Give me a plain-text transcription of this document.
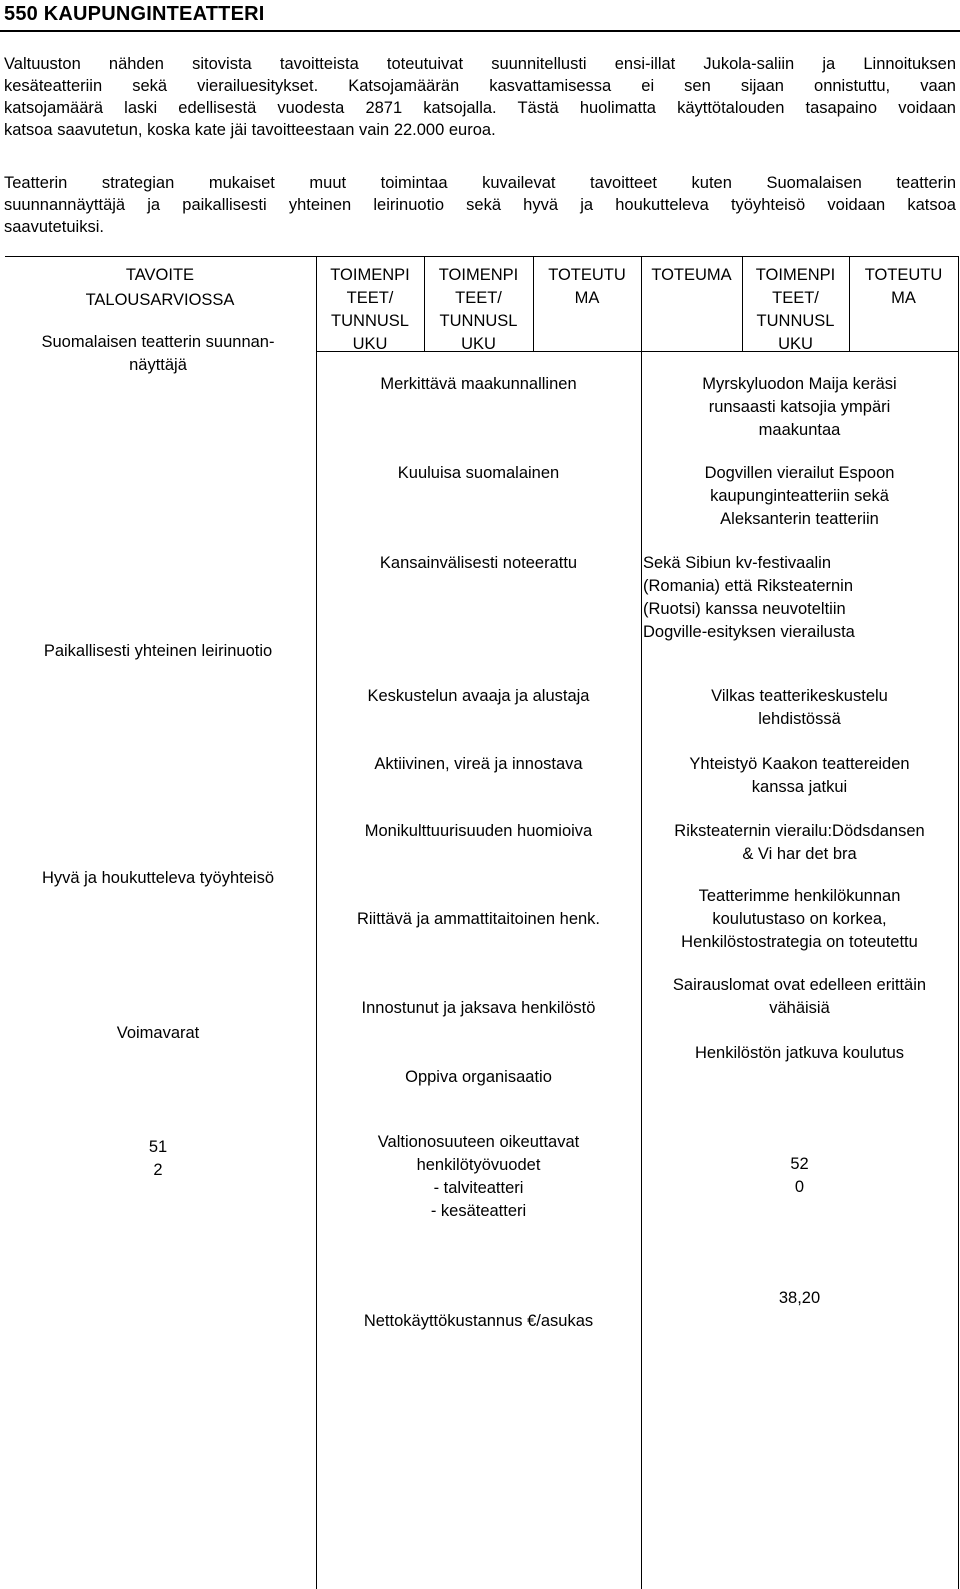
550 KAUPUNGINTEATTERI

Valtuuston nähden sitovista tavoitteista toteutuivat suunnitellusti ensi-illat Jukola-saliin ja Linnoituksen
kesäteatteriin sekä vierailuesitykset. Katsojamäärän kasvattamisessa ei sen sijaan onnistuttu, vaan
katsojamäärä laski edellisestä vuodesta 2871 katsojalla. Tästä huolimatta käyttötalouden tasapaino voidaan
katsoa saavutetun, koska kate jäi tavoitteestaan vain 22.000 euroa.

Teatterin strategian mukaiset muut toimintaa kuvailevat tavoitteet kuten Suomalaisen teatterin
suunnannäyttäjä ja paikallisesti yhteinen leirinuotio sekä hyvä ja houkutteleva työyhteisö voidaan katsoa
saavutetuiksi.

TAVOITE
TALOUSARVIOSSA
TOIMENPI
TEET/
TUNNUSL
UKU
TOIMENPI
TEET/
TUNNUSL
UKU
TOTEUTU
MA
TOTEUMA	TOIMENPI
TEET/
TUNNUSL
UKU
TOTEUTU
MA
Suomalaisen teatterin suunnan-
näyttäjä
Paikallisesti yhteinen leirinuotio
Hyvä ja houkutteleva työyhteisö
Voimavarat
51
2
Merkittävä maakunnallinen
Kuuluisa suomalainen
Kansainvälisesti noteerattu
Keskustelun avaaja ja alustaja
Aktiivinen, vireä ja innostava
Monikulttuurisuuden huomioiva
Riittävä ja ammattitaitoinen henk.
Innostunut ja jaksava henkilöstö
Oppiva organisaatio
Valtionosuuteen oikeuttavat
henkilötyövuodet
- talviteatteri
- kesäteatteri
Nettokäyttökustannus €/asukas
Myrskyluodon Maija keräsi
runsaasti katsojia ympäri
maakuntaa
Dogvillen vierailut Espoon
kaupunginteatteriin sekä
Aleksanterin teatteriin
Sekä Sibiun kv-festivaalin
(Romania) että Riksteaternin
(Ruotsi) kanssa neuvoteltiin
Dogville-esityksen vierailusta
Vilkas teatterikeskustelu
lehdistössä
Yhteistyö Kaakon teattereiden
kanssa jatkui
Riksteaternin vierailu:Dödsdansen
& Vi har det bra
Teatterimme henkilökunnan
koulutustaso on korkea,
Henkilöstostrategia on toteutettu
Sairauslomat ovat edelleen erittäin
vähäisiä
Henkilöstön jatkuva koulutus
52
0
38,20
